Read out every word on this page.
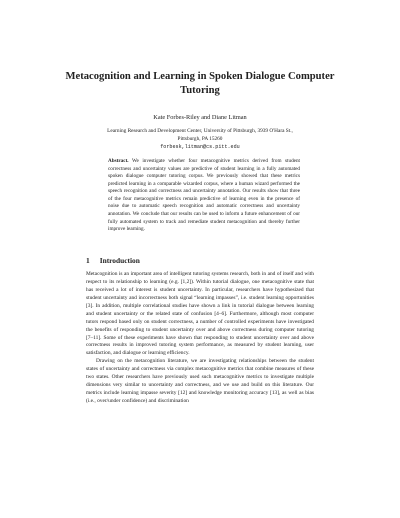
Metacognition and Learning in Spoken Dialogue Computer Tutoring
Kate Forbes-Riley and Diane Litman
Learning Research and Development Center, University of Pittsburgh, 3939 O'Hara St., Pittsburgh, PA 15260
forbesk,litman@cs.pitt.edu

Abstract. We investigate whether four metacognitive metrics derived from student correctness and uncertainty values are predictive of student learning in a fully automated spoken dialogue computer tutoring corpus. We previously showed that these metrics predicted learning in a comparable wizarded corpus, where a human wizard performed the speech recognition and correctness and uncertainty annotation. Our results show that three of the four metacognitive metrics remain predictive of learning even in the presence of noise due to automatic speech recognition and automatic correctness and uncertainty annotation. We conclude that our results can be used to inform a future enhancement of our fully automated system to track and remediate student metacognition and thereby further improve learning.

1 Introduction

Metacognition is an important area of intelligent tutoring systems research, both in and of itself and with respect to its relationship to learning (e.g. [1,2]). Within tutorial dialogue, one metacognitive state that has received a lot of interest is student uncertainty. In particular, researchers have hypothesized that student uncertainty and incorrectness both signal “learning impasses”, i.e. student learning opportunities [3]. In addition, multiple correlational studies have shown a link in tutorial dialogue between learning and student uncertainty or the related state of confusion [4–6]. Furthermore, although most computer tutors respond based only on student correctness, a number of controlled experiments have investigated the benefits of responding to student uncertainty over and above correctness during computer tutoring [7–11]. Some of these experiments have shown that responding to student uncertainty over and above correctness results in improved tutoring system performance, as measured by student learning, user satisfaction, and dialogue or learning efficiency.

Drawing on the metacognition literature, we are investigating relationships between the student states of uncertainty and correctness via complex metacognitive metrics that combine measures of these two states. Other researchers have previously used such metacognitive metrics to investigate multiple dimensions very similar to uncertainty and correctness, and we use and build on this literature. Our metrics include learning impasse severity [12] and knowledge monitoring accuracy [13], as well as bias (i.e., over/under confidence) and discrimination
